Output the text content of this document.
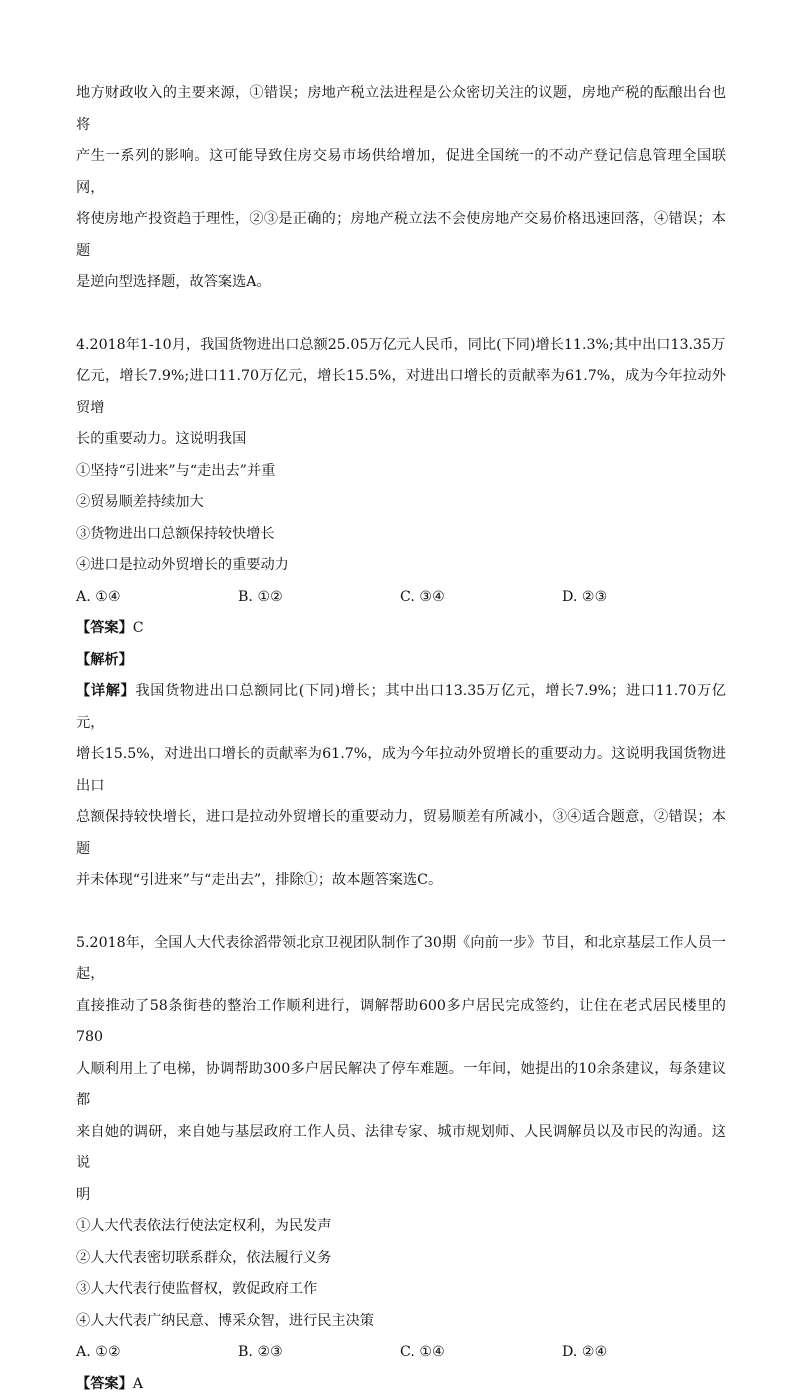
地方财政收入的主要来源，①错误；房地产税立法进程是公众密切关注的议题，房地产税的酝酿出台也将

产生一系列的影响。这可能导致住房交易市场供给增加，促进全国统一的不动产登记信息管理全国联网，

将使房地产投资趋于理性，②③是正确的；房地产税立法不会使房地产交易价格迅速回落，④错误；本题

是逆向型选择题，故答案选A。

4.2018年1-10月，我国货物进出口总额25.05万亿元人民币，同比(下同)增长11.3%;其中出口13.35万

亿元，增长7.9%;进口11.70万亿元，增长15.5%，对进出口增长的贡献率为61.7%，成为今年拉动外贸增

长的重要动力。这说明我国

①坚持“引进来”与“走出去”并重

②贸易顺差持续加大

③货物进出口总额保持较快增长

④进口是拉动外贸增长的重要动力

A. ①④	B. ①②	C. ③④	D. ②③

【答案】C

【解析】

【详解】我国货物进出口总额同比(下同)增长；其中出口13.35万亿元，增长7.9%；进口11.70万亿元，

增长15.5%，对进出口增长的贡献率为61.7%，成为今年拉动外贸增长的重要动力。这说明我国货物进出口

总额保持较快增长，进口是拉动外贸增长的重要动力，贸易顺差有所减小，③④适合题意，②错误；本题

并未体现“引进来”与“走出去”，排除①；故本题答案选C。

5.2018年，全国人大代表徐滔带领北京卫视团队制作了30期《向前一步》节目，和北京基层工作人员一起，

直接推动了58条街巷的整治工作顺利进行，调解帮助600多户居民完成签约，让住在老式居民楼里的780

人顺利用上了电梯，协调帮助300多户居民解决了停车难题。一年间，她提出的10余条建议，每条建议都

来自她的调研，来自她与基层政府工作人员、法律专家、城市规划师、人民调解员以及市民的沟通。这说

明

①人大代表依法行使法定权利，为民发声

②人大代表密切联系群众，依法履行义务

③人大代表行使监督权，敦促政府工作

④人大代表广纳民意、博采众智，进行民主决策

A. ①②	B. ②③	C. ①④	D. ②④

【答案】A
